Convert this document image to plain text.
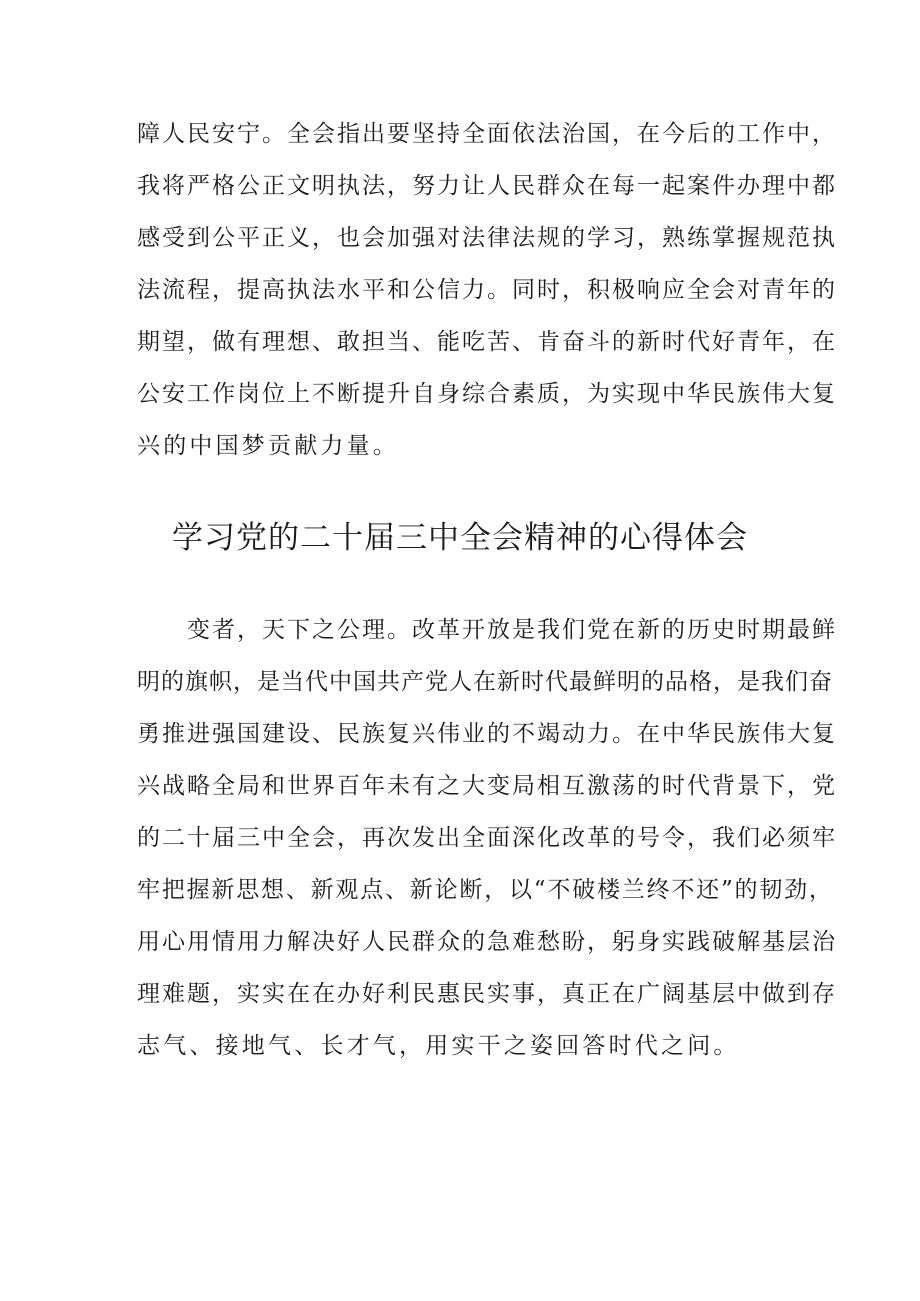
障人民安宁。全会指出要坚持全面依法治国，在今后的工作中，
我将严格公正文明执法，努力让人民群众在每一起案件办理中都
感受到公平正义，也会加强对法律法规的学习，熟练掌握规范执
法流程，提高执法水平和公信力。同时，积极响应全会对青年的
期望，做有理想、敢担当、能吃苦、肯奋斗的新时代好青年，在
公安工作岗位上不断提升自身综合素质，为实现中华民族伟大复
兴的中国梦贡献力量。
学习党的二十届三中全会精神的心得体会
　　变者，天下之公理。改革开放是我们党在新的历史时期最鲜
明的旗帜，是当代中国共产党人在新时代最鲜明的品格，是我们奋
勇推进强国建设、民族复兴伟业的不竭动力。在中华民族伟大复
兴战略全局和世界百年未有之大变局相互激荡的时代背景下，党
的二十届三中全会，再次发出全面深化改革的号令，我们必须牢
牢把握新思想、新观点、新论断，以“不破楼兰终不还”的韧劲，
用心用情用力解决好人民群众的急难愁盼，躬身实践破解基层治
理难题，实实在在办好利民惠民实事，真正在广阔基层中做到存
志气、接地气、长才气，用实干之姿回答时代之问。
